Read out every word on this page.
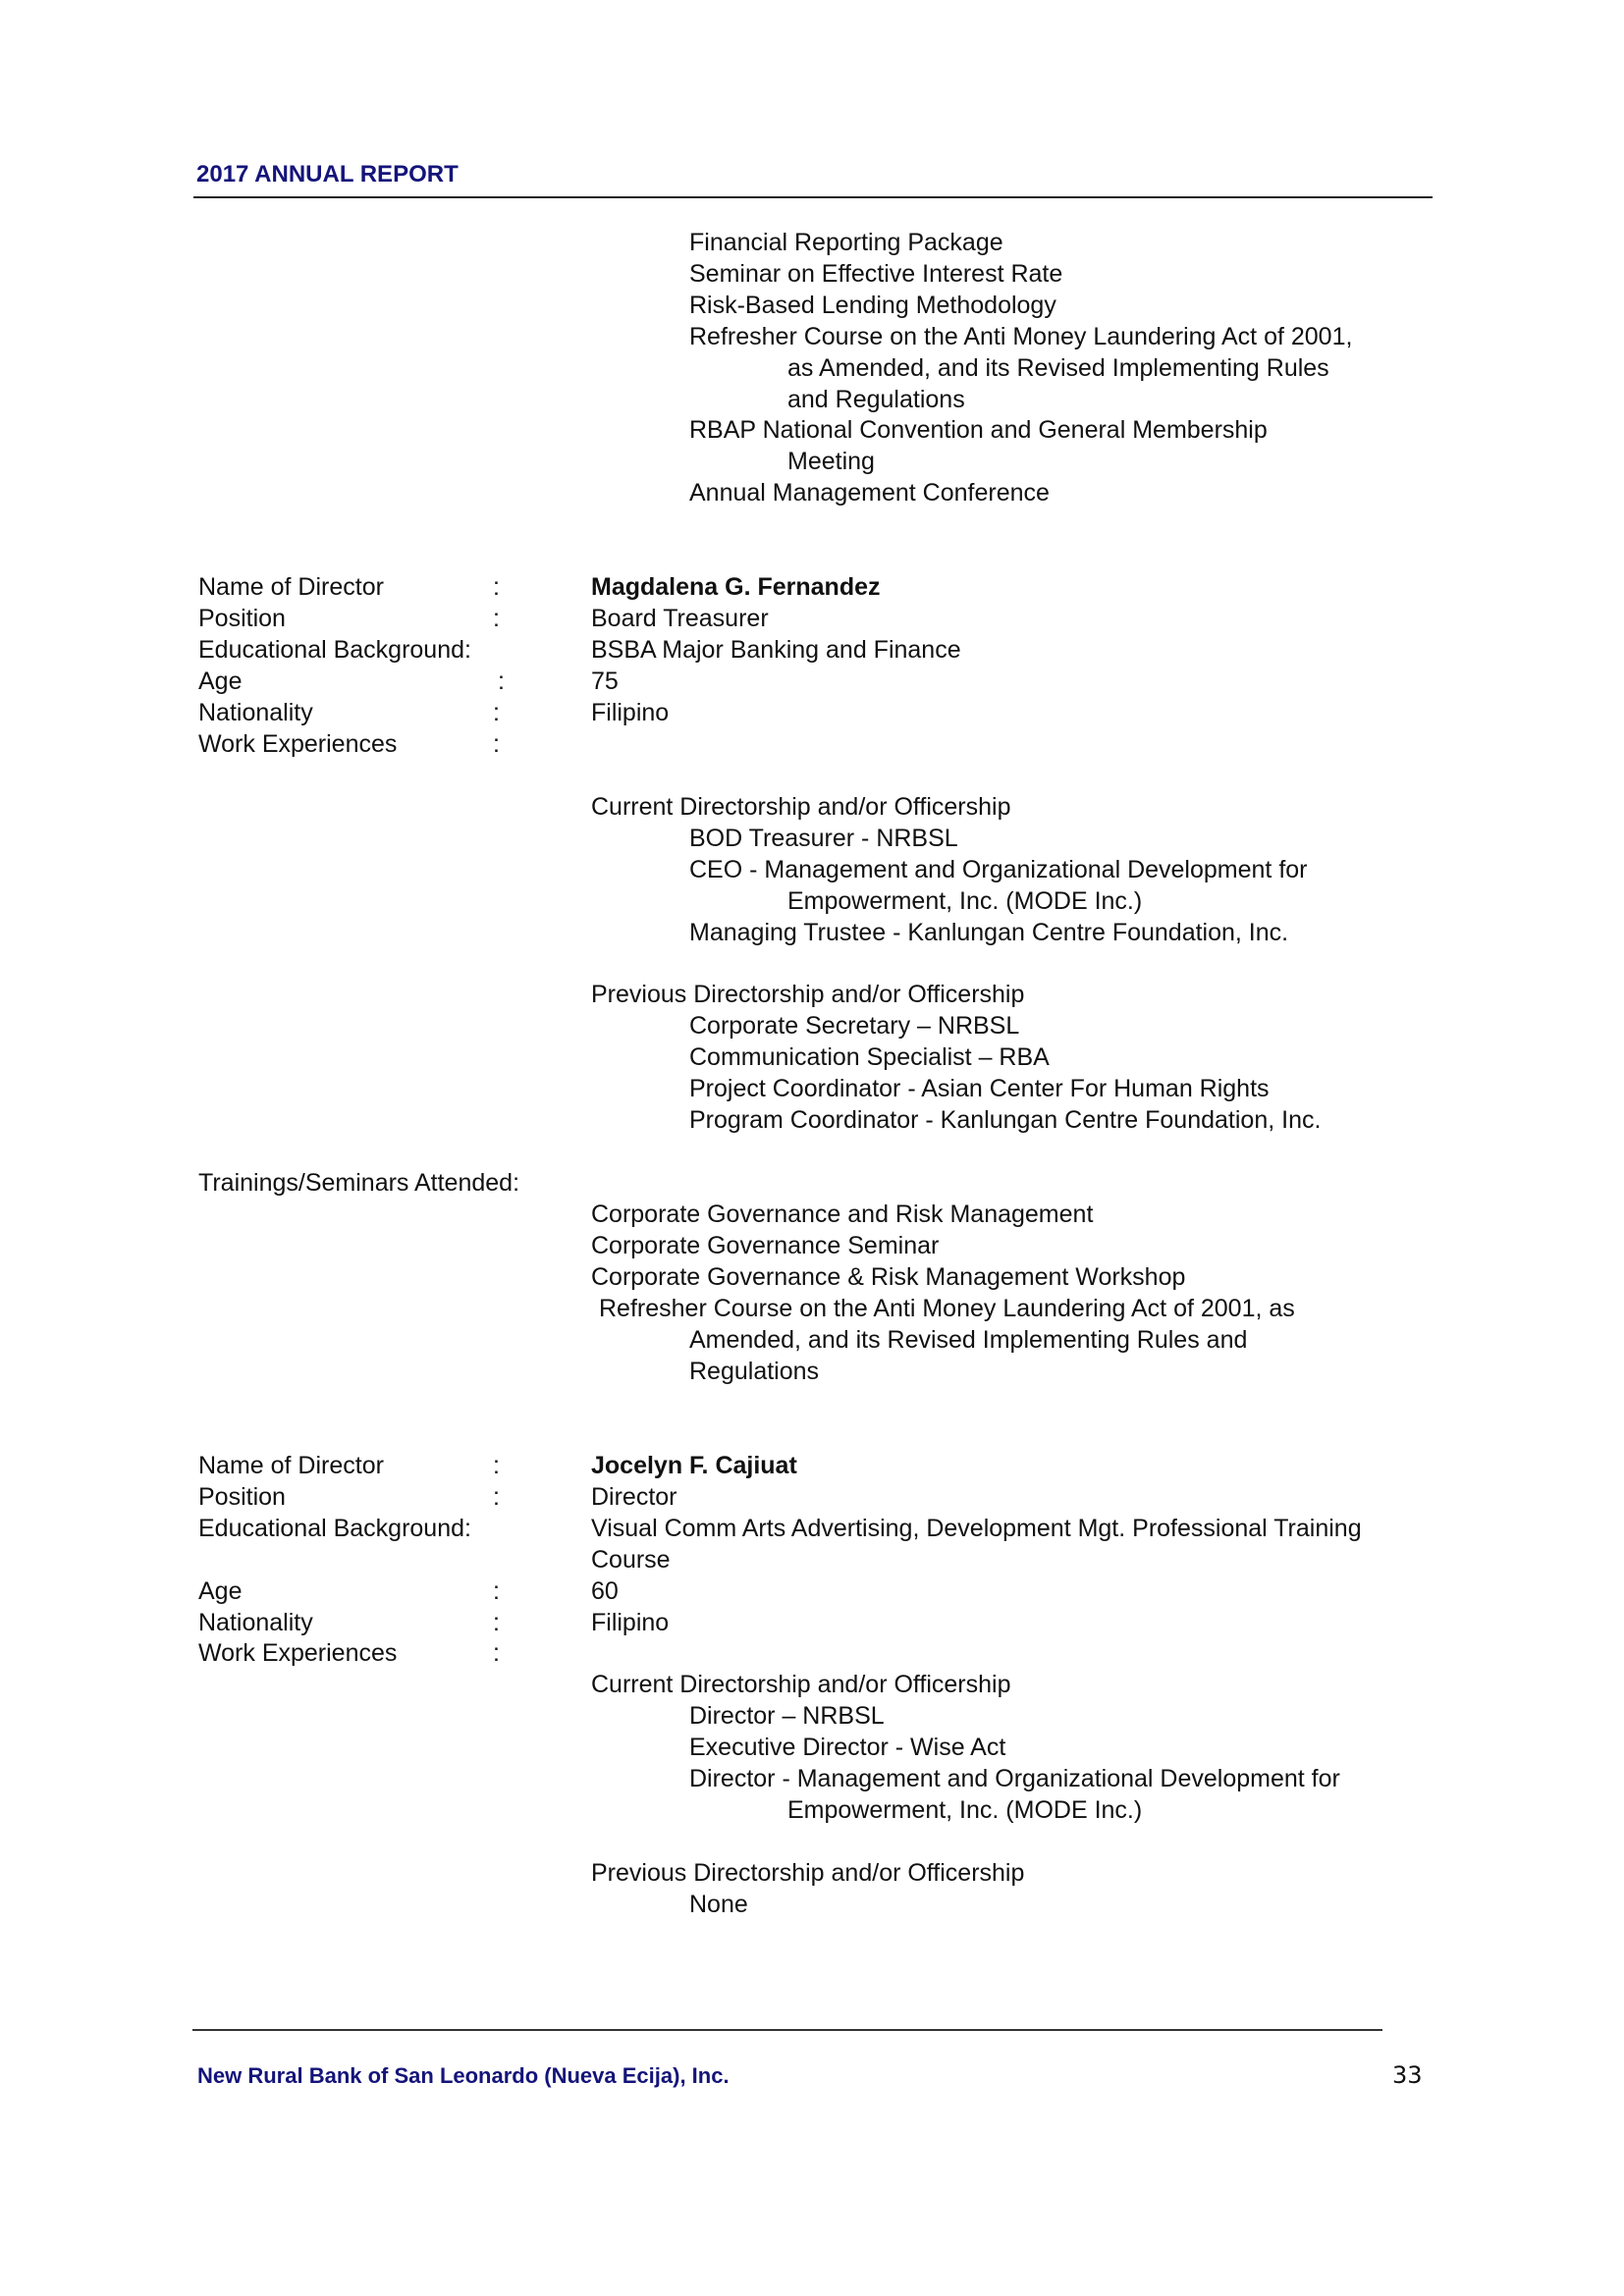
2017 ANNUAL REPORT
Financial Reporting Package
Seminar on Effective Interest Rate
Risk-Based Lending Methodology
Refresher Course on the Anti Money Laundering Act of 2001,
as Amended, and its Revised Implementing Rules
and Regulations
RBAP National Convention and General Membership
Meeting
Annual Management Conference
Name of Director	:	Magdalena G. Fernandez
Position	:	Board Treasurer
Educational Background:	BSBA Major Banking and Finance
Age	:	75
Nationality	:	Filipino
Work Experiences	:
Current Directorship and/or Officership
BOD Treasurer - NRBSL
CEO - Management and Organizational Development for
Empowerment, Inc. (MODE Inc.)
Managing Trustee - Kanlungan Centre Foundation, Inc.
Previous Directorship and/or Officership
Corporate Secretary – NRBSL
Communication Specialist – RBA
Project Coordinator - Asian Center For Human Rights
Program Coordinator - Kanlungan Centre Foundation, Inc.
Trainings/Seminars Attended:
Corporate Governance and Risk Management
Corporate Governance Seminar
Corporate Governance & Risk Management Workshop
Refresher Course on the Anti Money Laundering Act of 2001, as
Amended, and its Revised Implementing Rules and
Regulations
Name of Director	:	Jocelyn F. Cajiuat
Position	:	Director
Educational Background:	Visual Comm Arts Advertising, Development Mgt. Professional Training
Course
Age	:	60
Nationality	:	Filipino
Work Experiences	:
Current Directorship and/or Officership
Director – NRBSL
Executive Director - Wise Act
Director - Management and Organizational Development for
Empowerment, Inc. (MODE Inc.)
Previous Directorship and/or Officership
None
New Rural Bank of San Leonardo (Nueva Ecija), Inc.	33
